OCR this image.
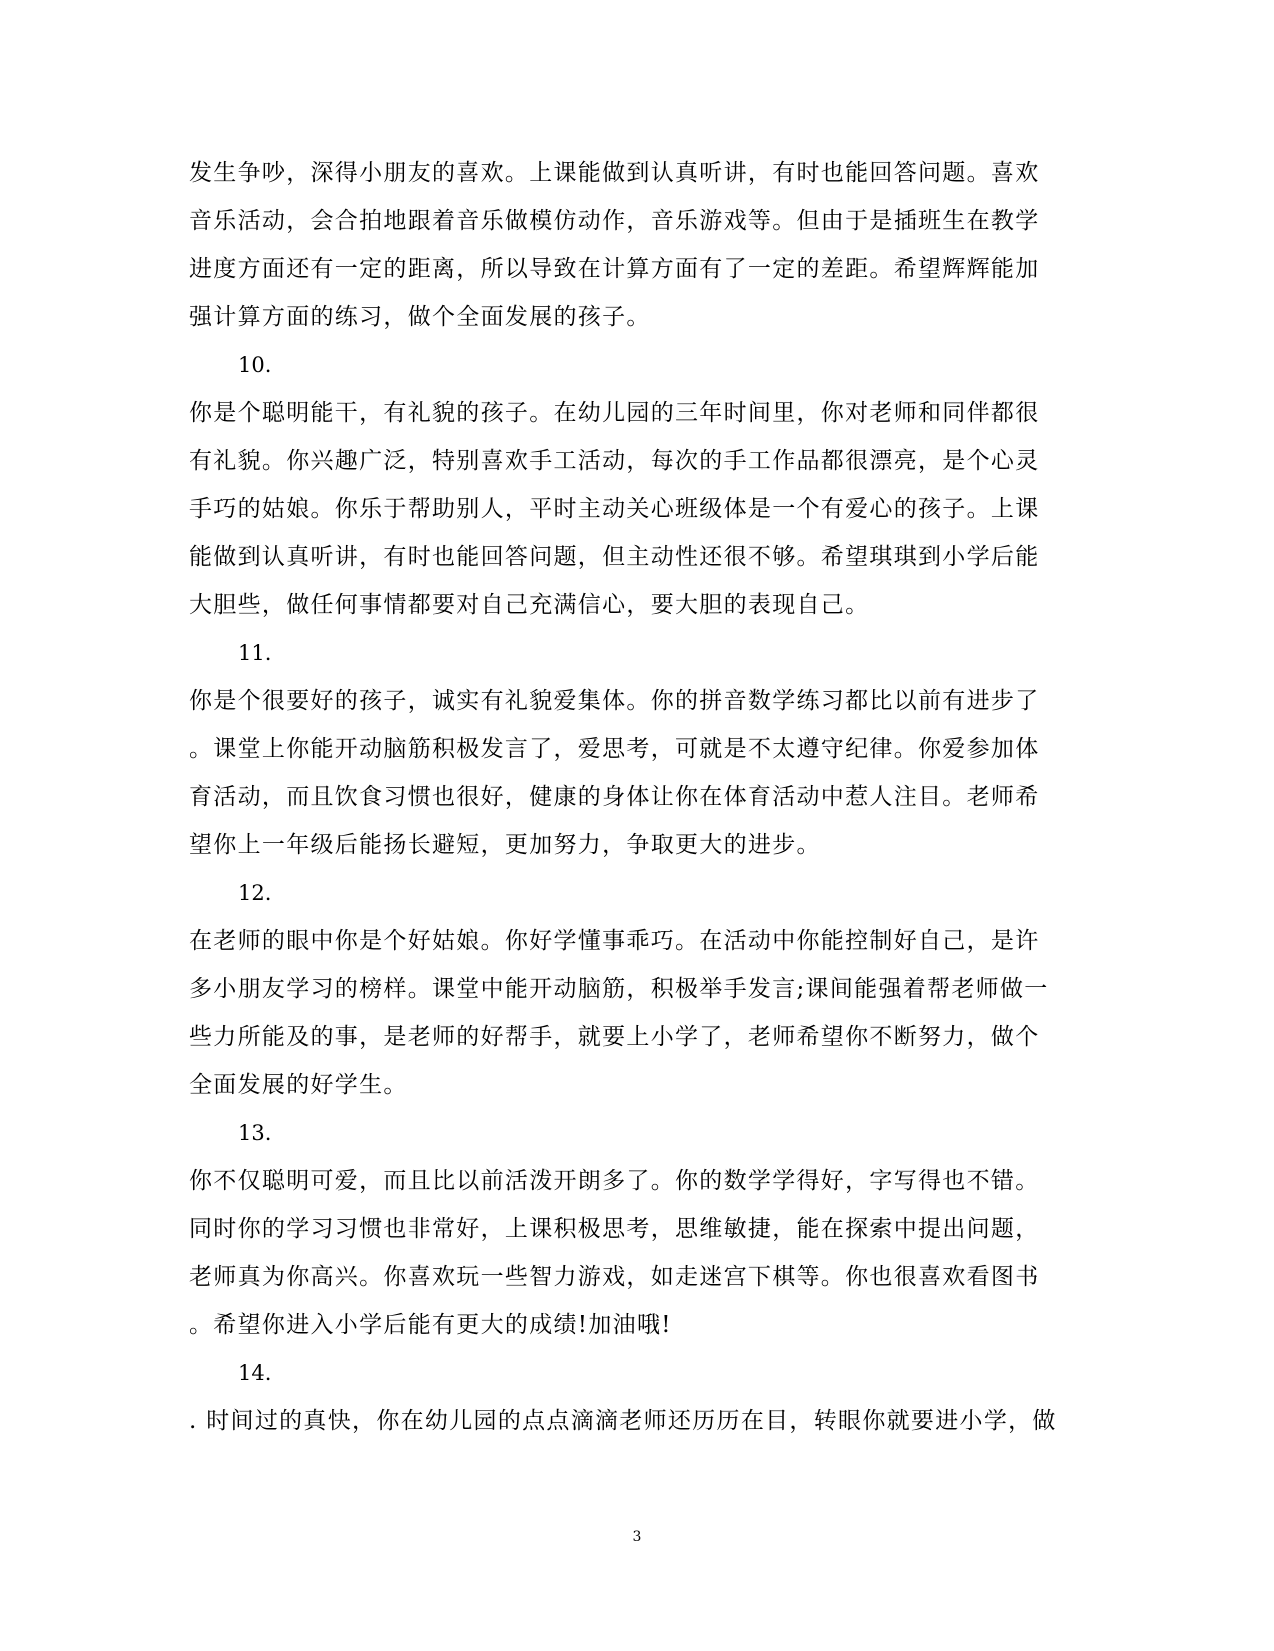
发生争吵，深得小朋友的喜欢。上课能做到认真听讲，有时也能回答问题。喜欢
音乐活动，会合拍地跟着音乐做模仿动作，音乐游戏等。但由于是插班生在教学
进度方面还有一定的距离，所以导致在计算方面有了一定的差距。希望辉辉能加
强计算方面的练习，做个全面发展的孩子。
10.
你是个聪明能干，有礼貌的孩子。在幼儿园的三年时间里，你对老师和同伴都很
有礼貌。你兴趣广泛，特别喜欢手工活动，每次的手工作品都很漂亮，是个心灵
手巧的姑娘。你乐于帮助别人，平时主动关心班级体是一个有爱心的孩子。上课
能做到认真听讲，有时也能回答问题，但主动性还很不够。希望琪琪到小学后能
大胆些，做任何事情都要对自己充满信心，要大胆的表现自己。
11.
你是个很要好的孩子，诚实有礼貌爱集体。你的拼音数学练习都比以前有进步了
。课堂上你能开动脑筋积极发言了，爱思考，可就是不太遵守纪律。你爱参加体
育活动，而且饮食习惯也很好，健康的身体让你在体育活动中惹人注目。老师希
望你上一年级后能扬长避短，更加努力，争取更大的进步。
12.
在老师的眼中你是个好姑娘。你好学懂事乖巧。在活动中你能控制好自己，是许
多小朋友学习的榜样。课堂中能开动脑筋，积极举手发言;课间能强着帮老师做一
些力所能及的事，是老师的好帮手，就要上小学了，老师希望你不断努力，做个
全面发展的好学生。
13.
你不仅聪明可爱，而且比以前活泼开朗多了。你的数学学得好，字写得也不错。
同时你的学习习惯也非常好，上课积极思考，思维敏捷，能在探索中提出问题，
老师真为你高兴。你喜欢玩一些智力游戏，如走迷宫下棋等。你也很喜欢看图书
。希望你进入小学后能有更大的成绩!加油哦!
14.
. 时间过的真快，你在幼儿园的点点滴滴老师还历历在目，转眼你就要进小学，做
3
